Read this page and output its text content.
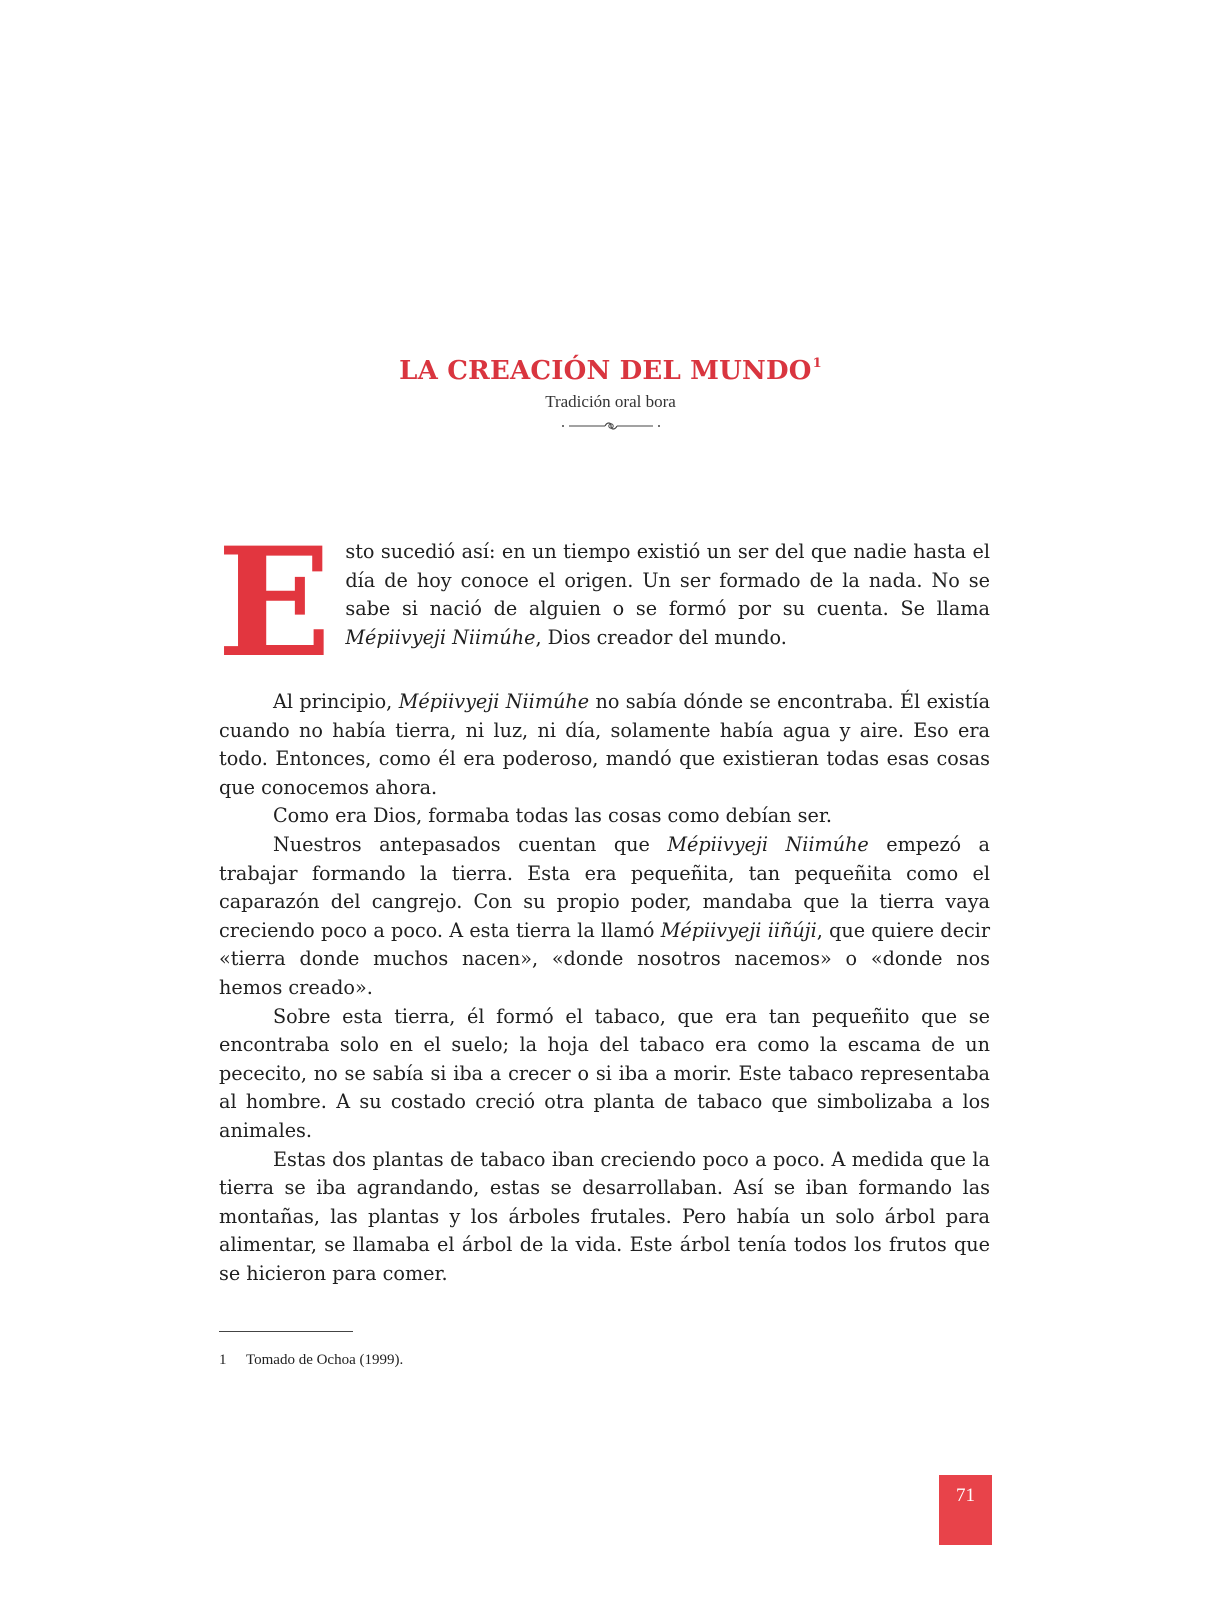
LA CREACIÓN DEL MUNDO$^1$
Tradición oral bora
E sto sucedió así: en un tiempo existió un ser del que nadie hasta el día de hoy conoce el origen. Un ser formado de la nada. No se sabe si nació de alguien o se formó por su cuenta. Se llama Mépiivyeji Niimúhe, Dios creador del mundo.

Al principio, Mépiivyeji Niimúhe no sabía dónde se encontraba. Él existía cuando no había tierra, ni luz, ni día, solamente había agua y aire. Eso era todo. Entonces, como él era poderoso, mandó que existieran todas esas cosas que conocemos ahora.

Como era Dios, formaba todas las cosas como debían ser.

Nuestros antepasados cuentan que Mépiivyeji Niimúhe empezó a trabajar formando la tierra. Esta era pequeñita, tan pequeñita como el caparazón del cangrejo. Con su propio poder, mandaba que la tierra vaya creciendo poco a poco. A esta tierra la llamó Mépiivyeji iiñúji, que quiere decir «tierra donde muchos nacen», «donde nosotros nacemos» o «donde nos hemos creado».

Sobre esta tierra, él formó el tabaco, que era tan pequeñito que se encontraba solo en el suelo; la hoja del tabaco era como la escama de un pececito, no se sabía si iba a crecer o si iba a morir. Este tabaco representaba al hombre. A su costado creció otra planta de tabaco que simbolizaba a los animales.

Estas dos plantas de tabaco iban creciendo poco a poco. A medida que la tierra se iba agrandando, estas se desarrollaban. Así se iban formando las montañas, las plantas y los árboles frutales. Pero había un solo árbol para alimentar, se llamaba el árbol de la vida. Este árbol tenía todos los frutos que se hicieron para comer.

1 Tomado de Ochoa (1999).
71
